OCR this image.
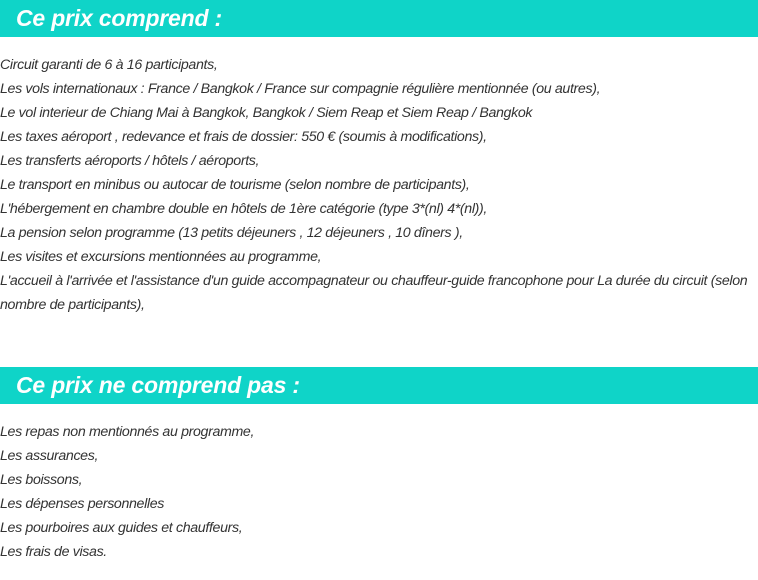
Ce prix comprend :
Circuit garanti de 6 à 16 participants,
Les vols internationaux : France / Bangkok / France sur compagnie régulière mentionnée (ou autres),
Le vol interieur de Chiang Mai à Bangkok, Bangkok / Siem Reap et Siem Reap / Bangkok
Les taxes aéroport , redevance et frais de dossier: 550 € (soumis à modifications),
Les transferts aéroports / hôtels / aéroports,
Le transport en minibus ou autocar de tourisme (selon nombre de participants),
L'hébergement en chambre double en hôtels de 1ère catégorie (type 3*(nl) 4*(nl)),
La pension selon programme (13 petits déjeuners , 12 déjeuners , 10 dîners ),
Les visites et excursions mentionnées au programme,
L'accueil à l'arrivée et l'assistance d'un guide accompagnateur ou chauffeur-guide francophone pour La durée du circuit (selon nombre de participants),
Ce prix ne comprend pas :
Les repas non mentionnés au programme,
Les assurances,
Les boissons,
Les dépenses personnelles
Les pourboires aux guides et chauffeurs,
Les frais de visas.
